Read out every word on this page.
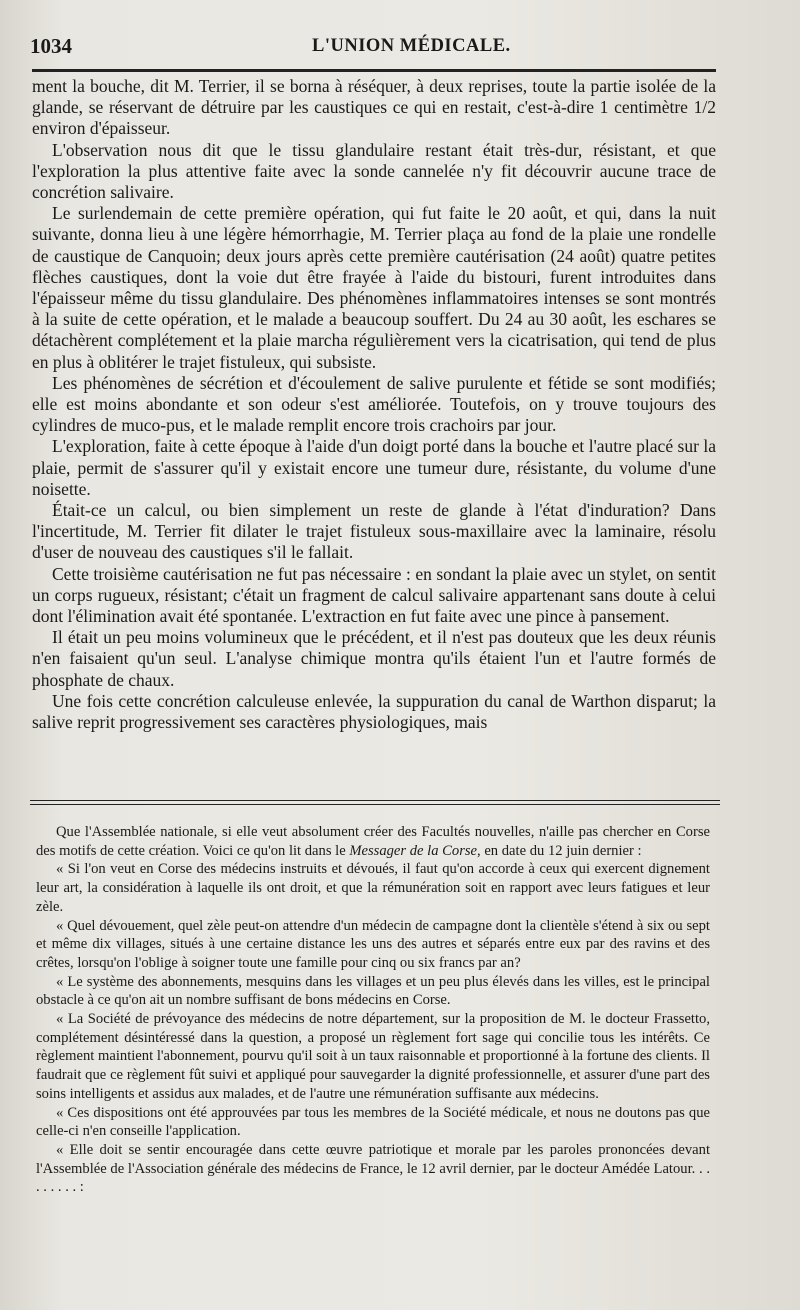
1034	L'UNION MÉDICALE.

ment la bouche, dit M. Terrier, il se borna à réséquer, à deux reprises, toute la partie isolée de la glande, se réservant de détruire par les caustiques ce qui en restait, c'est-à-dire 1 centimètre 1/2 environ d'épaisseur.

L'observation nous dit que le tissu glandulaire restant était très-dur, résistant, et que l'exploration la plus attentive faite avec la sonde cannelée n'y fit découvrir aucune trace de concrétion salivaire.

Le surlendemain de cette première opération, qui fut faite le 20 août, et qui, dans la nuit suivante, donna lieu à une légère hémorrhagie, M. Terrier plaça au fond de la plaie une rondelle de caustique de Canquoin; deux jours après cette première cautérisation (24 août) quatre petites flèches caustiques, dont la voie dut être frayée à l'aide du bistouri, furent introduites dans l'épaisseur même du tissu glandulaire. Des phénomènes inflammatoires intenses se sont montrés à la suite de cette opération, et le malade a beaucoup souffert. Du 24 au 30 août, les eschares se détachèrent complétement et la plaie marcha régulièrement vers la cicatrisation, qui tend de plus en plus à oblitérer le trajet fistuleux, qui subsiste.

Les phénomènes de sécrétion et d'écoulement de salive purulente et fétide se sont modifiés; elle est moins abondante et son odeur s'est améliorée. Toutefois, on y trouve toujours des cylindres de muco-pus, et le malade remplit encore trois crachoirs par jour.

L'exploration, faite à cette époque à l'aide d'un doigt porté dans la bouche et l'autre placé sur la plaie, permit de s'assurer qu'il y existait encore une tumeur dure, résistante, du volume d'une noisette.

Était-ce un calcul, ou bien simplement un reste de glande à l'état d'induration? Dans l'incertitude, M. Terrier fit dilater le trajet fistuleux sous-maxillaire avec la laminaire, résolu d'user de nouveau des caustiques s'il le fallait.

Cette troisième cautérisation ne fut pas nécessaire : en sondant la plaie avec un stylet, on sentit un corps rugueux, résistant; c'était un fragment de calcul salivaire appartenant sans doute à celui dont l'élimination avait été spontanée. L'extraction en fut faite avec une pince à pansement.

Il était un peu moins volumineux que le précédent, et il n'est pas douteux que les deux réunis n'en faisaient qu'un seul. L'analyse chimique montra qu'ils étaient l'un et l'autre formés de phosphate de chaux.

Une fois cette concrétion calculeuse enlevée, la suppuration du canal de Warthon disparut; la salive reprit progressivement ses caractères physiologiques, mais

Que l'Assemblée nationale, si elle veut absolument créer des Facultés nouvelles, n'aille pas chercher en Corse des motifs de cette création. Voici ce qu'on lit dans le Messager de la Corse, en date du 12 juin dernier :

« Si l'on veut en Corse des médecins instruits et dévoués, il faut qu'on accorde à ceux qui exercent dignement leur art, la considération à laquelle ils ont droit, et que la rémunération soit en rapport avec leurs fatigues et leur zèle.

« Quel dévouement, quel zèle peut-on attendre d'un médecin de campagne dont la clientèle s'étend à six ou sept et même dix villages, situés à une certaine distance les uns des autres et séparés entre eux par des ravins et des crêtes, lorsqu'on l'oblige à soigner toute une famille pour cinq ou six francs par an?

« Le système des abonnements, mesquins dans les villages et un peu plus élevés dans les villes, est le principal obstacle à ce qu'on ait un nombre suffisant de bons médecins en Corse.

« La Société de prévoyance des médecins de notre département, sur la proposition de M. le docteur Frassetto, complétement désintéressé dans la question, a proposé un règlement fort sage qui concilie tous les intérêts. Ce règlement maintient l'abonnement, pourvu qu'il soit à un taux raisonnable et proportionné à la fortune des clients. Il faudrait que ce règlement fût suivi et appliqué pour sauvegarder la dignité professionnelle, et assurer d'une part des soins intelligents et assidus aux malades, et de l'autre une rémunération suffisante aux médecins.

« Ces dispositions ont été approuvées par tous les membres de la Société médicale, et nous ne doutons pas que celle-ci n'en conseille l'application.

« Elle doit se sentir encouragée dans cette œuvre patriotique et morale par les paroles prononcées devant l'Assemblée de l'Association générale des médecins de France, le 12 avril dernier, par le docteur Amédée Latour. . . . . . . . . :
